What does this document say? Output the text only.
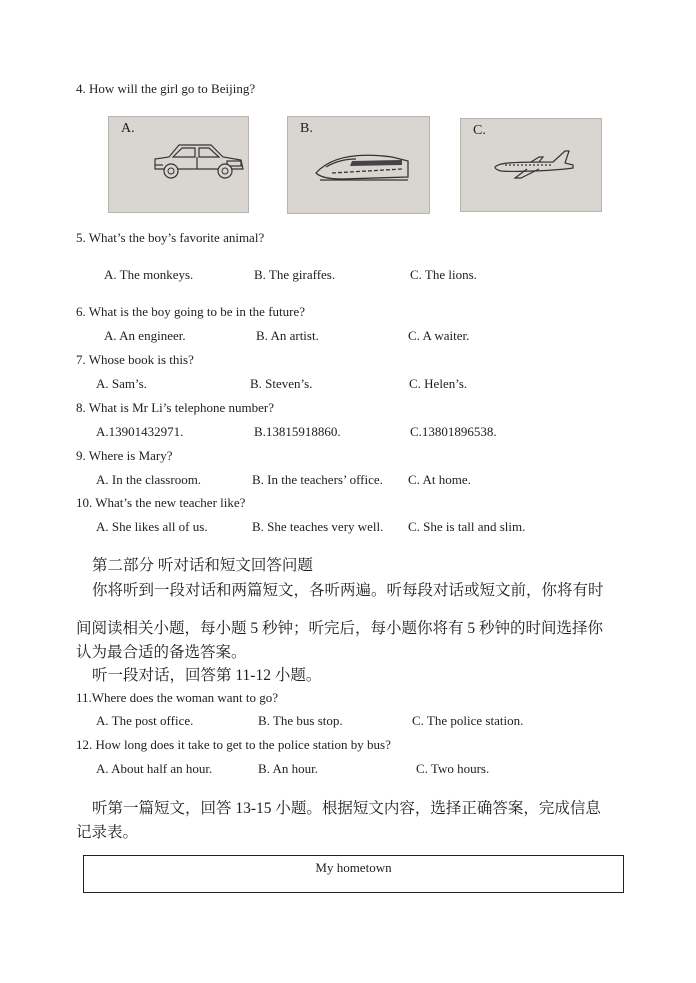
4. How will the girl go to Beijing?
A.	B.	C.
5. What’s the boy’s favorite animal?
A. The monkeys.	B. The giraffes.	C. The lions.
6. What is the boy going to be in the future?
A. An engineer.	B. An artist.	C. A waiter.
7. Whose book is this?
A. Sam’s.	B. Steven’s.	C. Helen’s.
8. What is Mr Li’s telephone number?
A.13901432971.	B.13815918860.	C.13801896538.
9. Where is Mary?
A. In the classroom.	B. In the teachers’ office. C. At home.
10. What’s the new teacher like?
A. She likes all of us.	B. She teaches very well. C. She is tall and slim.
第二部分 听对话和短文回答问题
你将听到一段对话和两篇短文，各听两遍。听每段对话或短文前，你将有时
间阅读相关小题，每小题 5 秒钟；听完后，每小题你将有 5 秒钟的时间选择你
认为最合适的备选答案。
听一段对话，回答第 11-12 小题。
11.Where does the woman want to go?
A. The post office.	B. The bus stop.	C. The police station.
12. How long does it take to get to the police station by bus?
A. About half an hour.	B. An hour.	C. Two hours.
听第一篇短文，回答 13-15 小题。根据短文内容，选择正确答案，完成信息
记录表。
My hometown
